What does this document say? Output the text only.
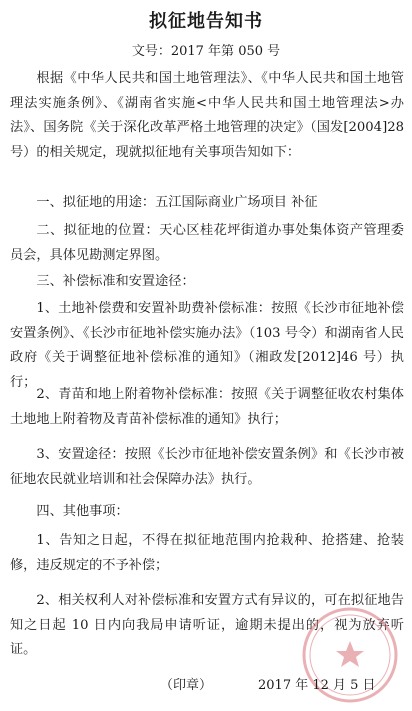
拟征地告知书
文号：2017 年第 050 号

根据《中华人民共和国土地管理法》、《中华人民共和国土地管理法实施条例》、《湖南省实施<中华人民共和国土地管理法>办法》、国务院《关于深化改革严格土地管理的决定》（国发[2004]28 号）的相关规定，现就拟征地有关事项告知如下：

一、拟征地的用途：五江国际商业广场项目 补征

二、拟征地的位置：天心区桂花坪街道办事处集体资产管理委员会，具体见勘测定界图。

三、补偿标准和安置途径：

1、土地补偿费和安置补助费补偿标准：按照《长沙市征地补偿安置条例》、《长沙市征地补偿实施办法》（103 号令）和湖南省人民政府《关于调整征地补偿标准的通知》（湘政发[2012]46 号）执行；

2、青苗和地上附着物补偿标准：按照《关于调整征收农村集体土地地上附着物及青苗补偿标准的通知》执行；

3、安置途径：按照《长沙市征地补偿安置条例》和《长沙市被征地农民就业培训和社会保障办法》执行。

四、其他事项：

1、告知之日起，不得在拟征地范围内抢栽种、抢搭建、抢装修，违反规定的不予补偿；

2、相关权利人对补偿标准和安置方式有异议的，可在拟征地告知之日起 10 日内向我局申请听证，逾期未提出的，视为放弃听证。

（印章）	2017 年 12 月 5 日
